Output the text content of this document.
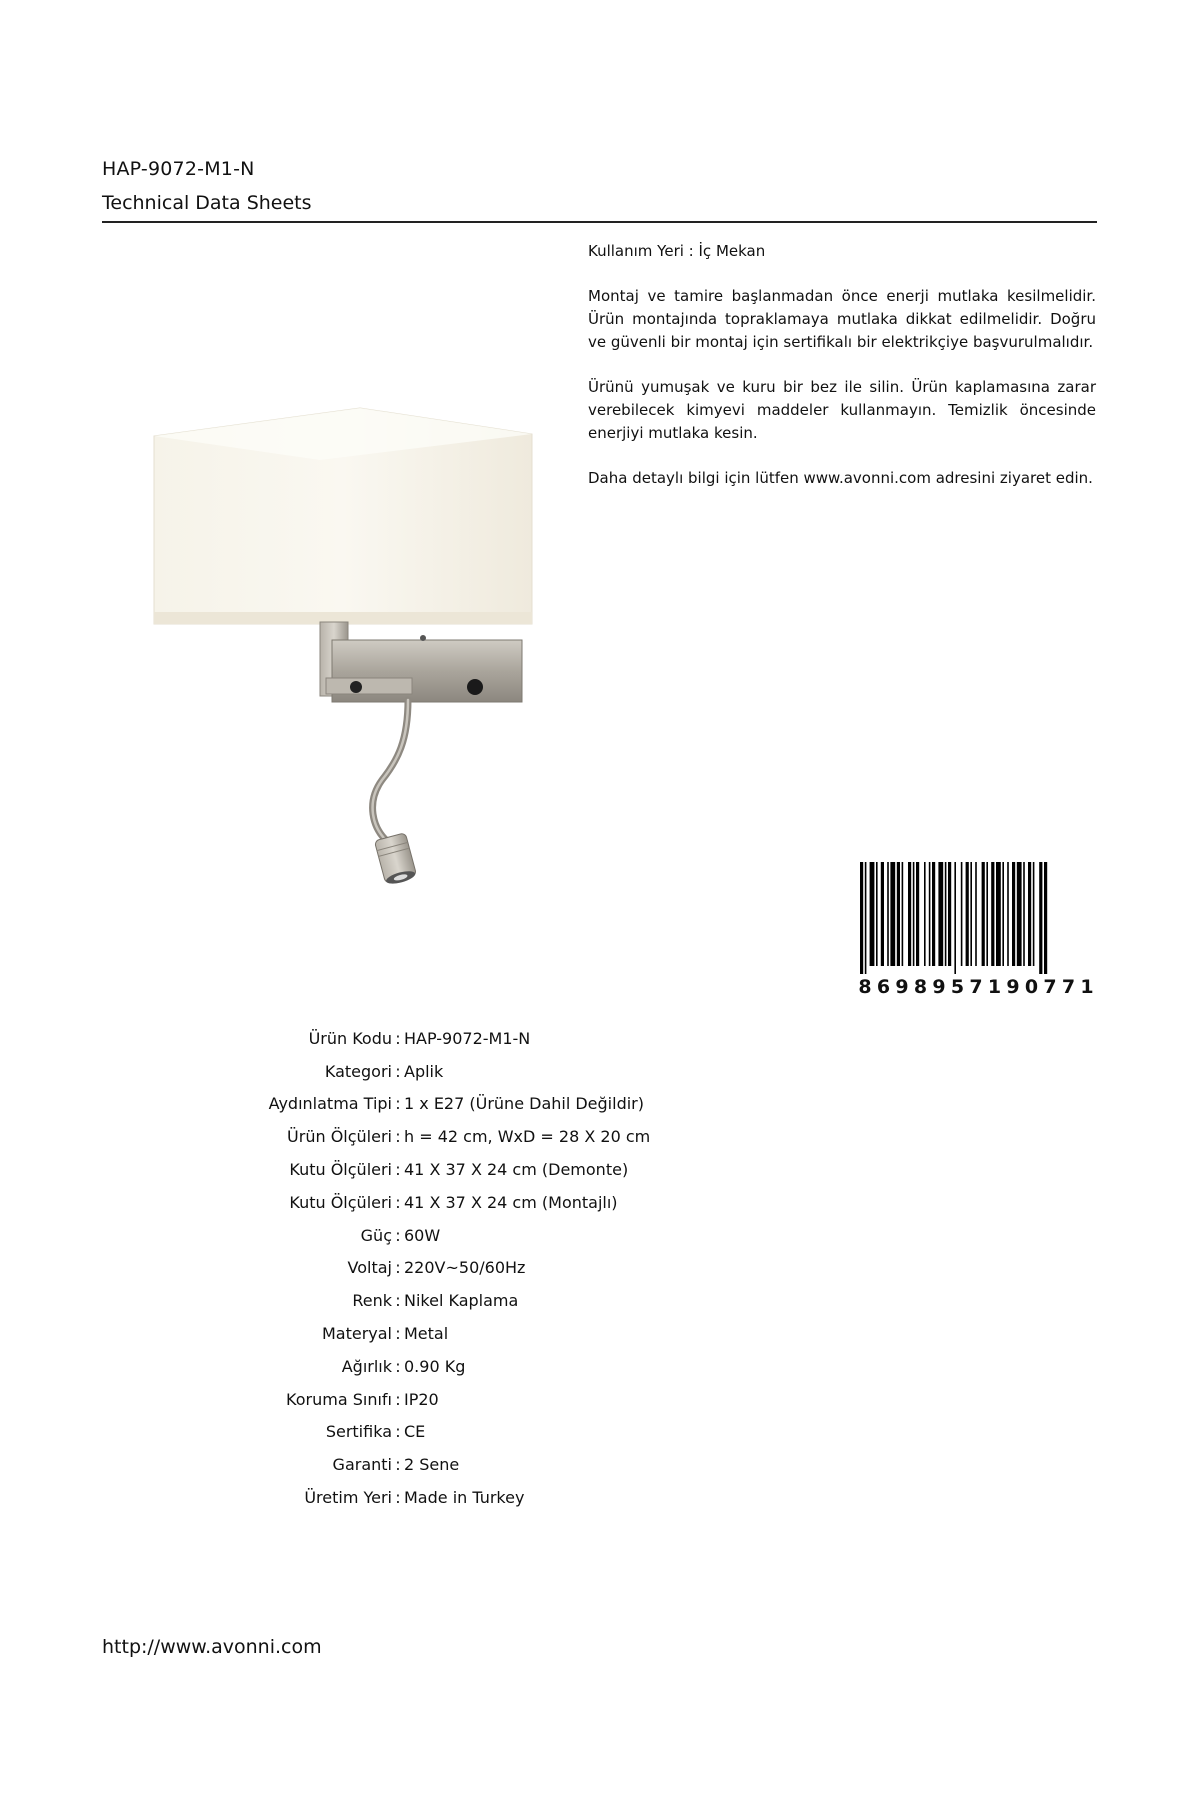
HAP-9072-M1-N
Technical Data Sheets

Kullanım Yeri : İç Mekan

Montaj ve tamire başlanmadan önce enerji mutlaka kesilmelidir. Ürün montajında topraklamaya mutlaka dikkat edilmelidir. Doğru ve güvenli bir montaj için sertifikalı bir elektrikçiye başvurulmalıdır.

Ürünü yumuşak ve kuru bir bez ile silin. Ürün kaplamasına zarar verebilecek kimyevi maddeler kullanmayın. Temizlik öncesinde enerjiyi mutlaka kesin.

Daha detaylı bilgi için lütfen www.avonni.com adresini ziyaret edin.

8 6 9 8 9 5 7 1 9 0 7 7 1
Ürün Kodu : HAP-9072-M1-N
Kategori : Aplik
Aydınlatma Tipi : 1 x E27 (Ürüne Dahil Değildir)
Ürün Ölçüleri : h = 42 cm, WxD = 28 X 20 cm
Kutu Ölçüleri : 41 X 37 X 24 cm (Demonte)
Kutu Ölçüleri : 41 X 37 X 24 cm (Montajlı)
Güç : 60W
Voltaj : 220V~50/60Hz
Renk : Nikel Kaplama
Materyal : Metal
Ağırlık : 0.90 Kg
Koruma Sınıfı : IP20
Sertifika : CE
Garanti : 2 Sene
Üretim Yeri : Made in Turkey
http://www.avonni.com
